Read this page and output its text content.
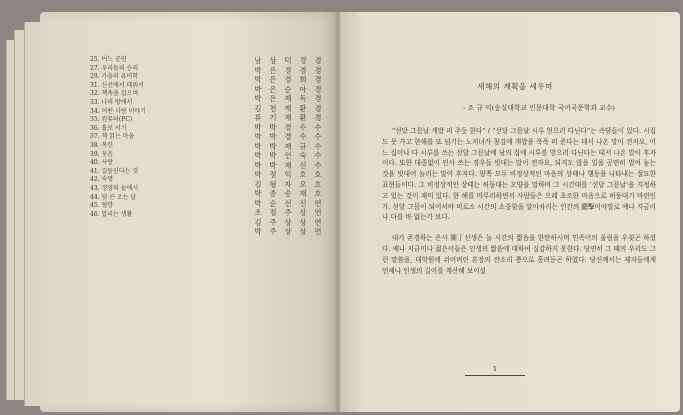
25. 어느 공연
27. 우리들의 승리
29. 가을의 유머학
31. 신선에서 데뷔서
32. 책속을 걸으며
33. 나의 방에서
34. 어떤 사랑 이야기
35. 컴퓨터(PC)
36. 흘로 서기
37. 책 읽는 마을
38. 목련
39. 웃음
40. 사랑
41. 길들인다는 것
42. 숙명
43. 정영의 놀에서
44. 뒷 곤 오는 날
45. 혈망
46. 알리는 생활
남
박
박
박
박
김
류
박
박
박
박
박
박
김
박
박
조
김
박
상
은
은
은
은
천
기
박
박
박
박
박
정
형
종
순
정
주
주
덕
경
경
순
제
재
재
경
경
제
인
재
익
자
송
선
주
상
상
경
경
희
아
독
환
환
수
수
규
숙
신
호
오
재
신
상
상
상
경
경
경
경
경
경
경
수
수
수
수
수
호
호
호
연
연
연
연
새해의 계획을 세우며
- 조 규 익(숭실대학교 인문대학 국어국문학과 교수)

“섣달 그믐날 개밥 퍼 주듯 한다” / “섣달 그믐날 시루 얻으러 다닌다”는 속담들이 있다. 시집도 못 가고 한해를 또 넘기는 노처녀가 창김에 개밥을 푹푹 퍼 준다는 데서 나온 말이 전자요, 어느 집이나 다 시루를 쓰는 섣달 그믐날에 남의 집에 시루를 얻으러 다닌다는 데서 나온 말이 후자이다. 또한 대중없이 인사 쓰는 경우들 빗대는 말이 전자요, 되지도 않을 일을 공연히 벌여 놓는 것을 빗대어 놀리는 말이 후자다. 양쪽 모두 비정상적인 마음의 상태나 행동을 나타내는 절묘한 표현들이다. 그 비정상적인 상태는 허둥대는 모양을 말하며 그 시간대를 ‘섣달 그믐날’을 지정하고 있는 것이 재미 있다. 한 해를 마무리하면서 사람들은 으레 초조한 마음으로 허둥대기 마련인가. 섣달 그믐이 되어서야 비로소 시간의 소중함을 알아차리는 인간의 顯擊이야말로 예나 지금이나 다를 바 없는가 보다.

내가 존경하는 은사 園丁선생은 늘 시간의 짧음을 한탄하시며 민족어의 울림을 우짖곤 하셨다. 예나 지금이나 젊은이들은 인생의 짧음에 대하여 실감하지 못한다. 당연히 그 때의 우리도 그런 말씀을, 대학원에 쉬어버린 혼장의 잔소리 쯤으로 흘려듣곤 하였다. 당신께서는 제자들에게 언제나 인생의 길이를 계산해 보이셨

1
